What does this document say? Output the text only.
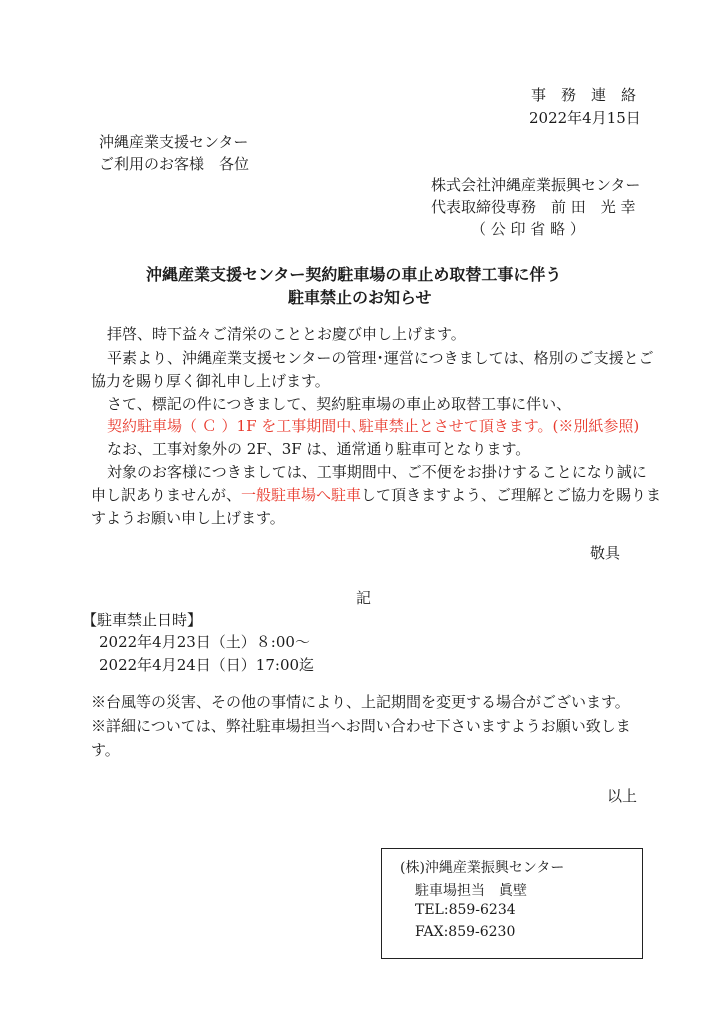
事　務　連　絡
2022年4月15日
沖縄産業支援センター
ご利用のお客様　各位
株式会社沖縄産業振興センター
代表取締役専務　前 田　光 幸
（ 公 印 省 略 ）
沖縄産業支援センター契約駐車場の車止め取替工事に伴う
駐車禁止のお知らせ
拝啓、時下益々ご清栄のこととお慶び申し上げます。
平素より、沖縄産業支援センターの管理･運営につきましては、格別のご支援とご
協力を賜り厚く御礼申し上げます。
さて、標記の件につきまして、契約駐車場の車止め取替工事に伴い、
契約駐車場（ Ｃ ）1F を工事期間中､駐車禁止とさせて頂きます。(※別紙参照)
なお、工事対象外の 2F、3F は、通常通り駐車可となります。
対象のお客様につきましては、工事期間中、ご不便をお掛けすることになり誠に
申し訳ありませんが、一般駐車場へ駐車して頂きますよう、ご理解とご協力を賜りま
すようお願い申し上げます。
敬具
記
【駐車禁止日時】
2022年4月23日（土）８:00～
2022年4月24日（日）17:00迄
※台風等の災害、その他の事情により、上記期間を変更する場合がございます。
※詳細については、弊社駐車場担当へお問い合わせ下さいますようお願い致しま
す。
以上
(株)沖縄産業振興センター
駐車場担当　眞壁
TEL:859-6234
FAX:859-6230
